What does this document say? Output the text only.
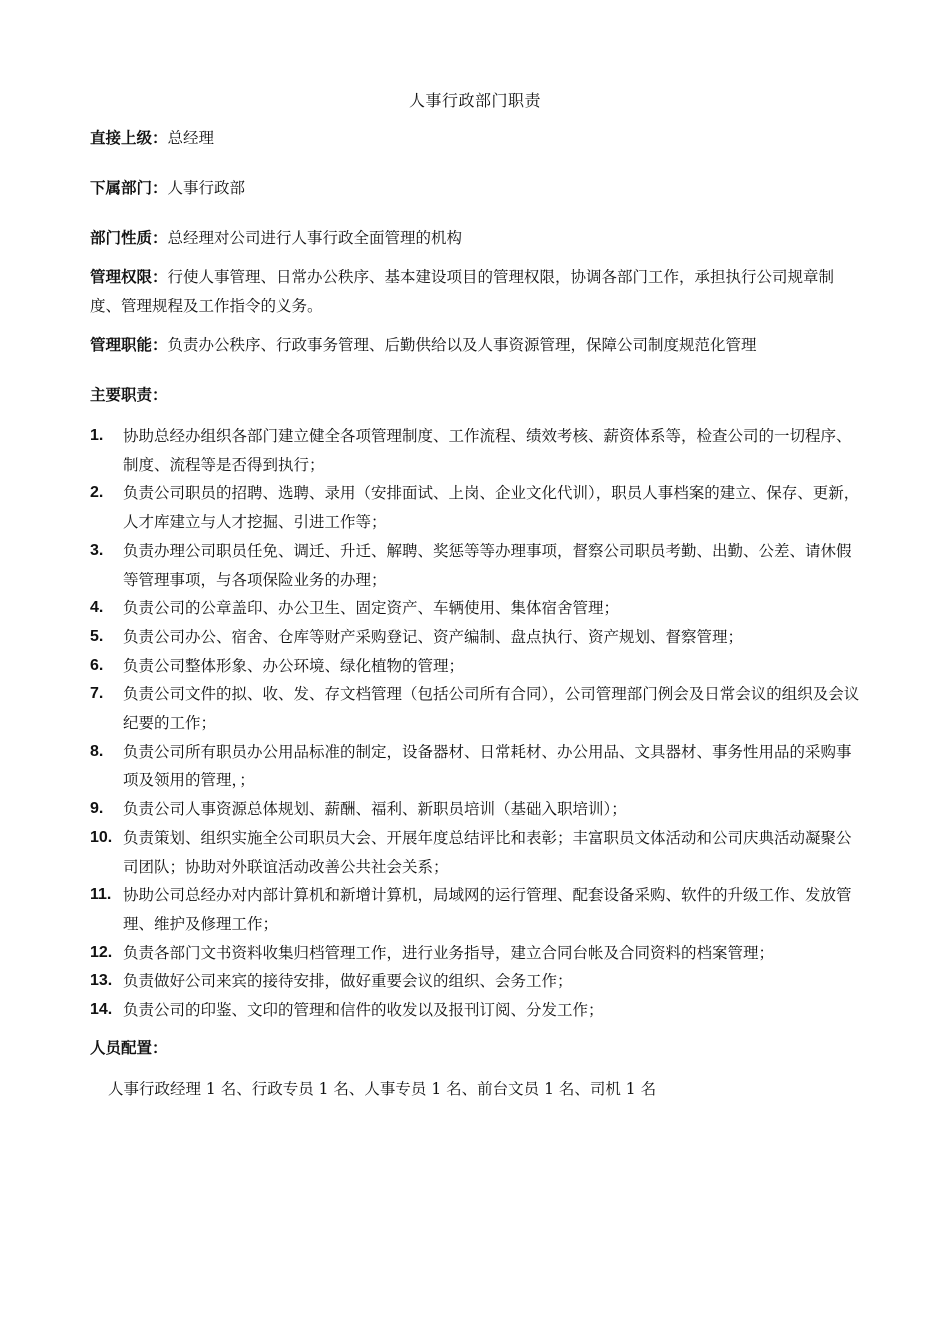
人事行政部门职责
直接上级：总经理
下属部门：人事行政部
部门性质：总经理对公司进行人事行政全面管理的机构
管理权限：行使人事管理、日常办公秩序、基本建设项目的管理权限，协调各部门工作，承担执行公司规章制度、管理规程及工作指令的义务。
管理职能：负责办公秩序、行政事务管理、后勤供给以及人事资源管理，保障公司制度规范化管理
主要职责：
1. 协助总经办组织各部门建立健全各项管理制度、工作流程、绩效考核、薪资体系等，检查公司的一切程序、制度、流程等是否得到执行；
2. 负责公司职员的招聘、选聘、录用（安排面试、上岗、企业文化代训），职员人事档案的建立、保存、更新，人才库建立与人才挖掘、引进工作等；
3. 负责办理公司职员任免、调迁、升迁、解聘、奖惩等等办理事项，督察公司职员考勤、出勤、公差、请休假等管理事项，与各项保险业务的办理；
4. 负责公司的公章盖印、办公卫生、固定资产、车辆使用、集体宿舍管理；
5. 负责公司办公、宿舍、仓库等财产采购登记、资产编制、盘点执行、资产规划、督察管理；
6. 负责公司整体形象、办公环境、绿化植物的管理；
7. 负责公司文件的拟、收、发、存文档管理（包括公司所有合同），公司管理部门例会及日常会议的组织及会议纪要的工作；
8. 负责公司所有职员办公用品标准的制定，设备器材、日常耗材、办公用品、文具器材、事务性用品的采购事项及领用的管理，；
9. 负责公司人事资源总体规划、薪酬、福利、新职员培训（基础入职培训）；
10. 负责策划、组织实施全公司职员大会、开展年度总结评比和表彰；丰富职员文体活动和公司庆典活动凝聚公司团队；协助对外联谊活动改善公共社会关系；
11. 协助公司总经办对内部计算机和新增计算机，局域网的运行管理、配套设备采购、软件的升级工作、发放管理、维护及修理工作；
12. 负责各部门文书资料收集归档管理工作，进行业务指导，建立合同台帐及合同资料的档案管理；
13. 负责做好公司来宾的接待安排，做好重要会议的组织、会务工作；
14. 负责公司的印鉴、文印的管理和信件的收发以及报刊订阅、分发工作；
人员配置：
人事行政经理 1 名、行政专员 1 名、人事专员 1 名、前台文员 1 名、司机 1 名
